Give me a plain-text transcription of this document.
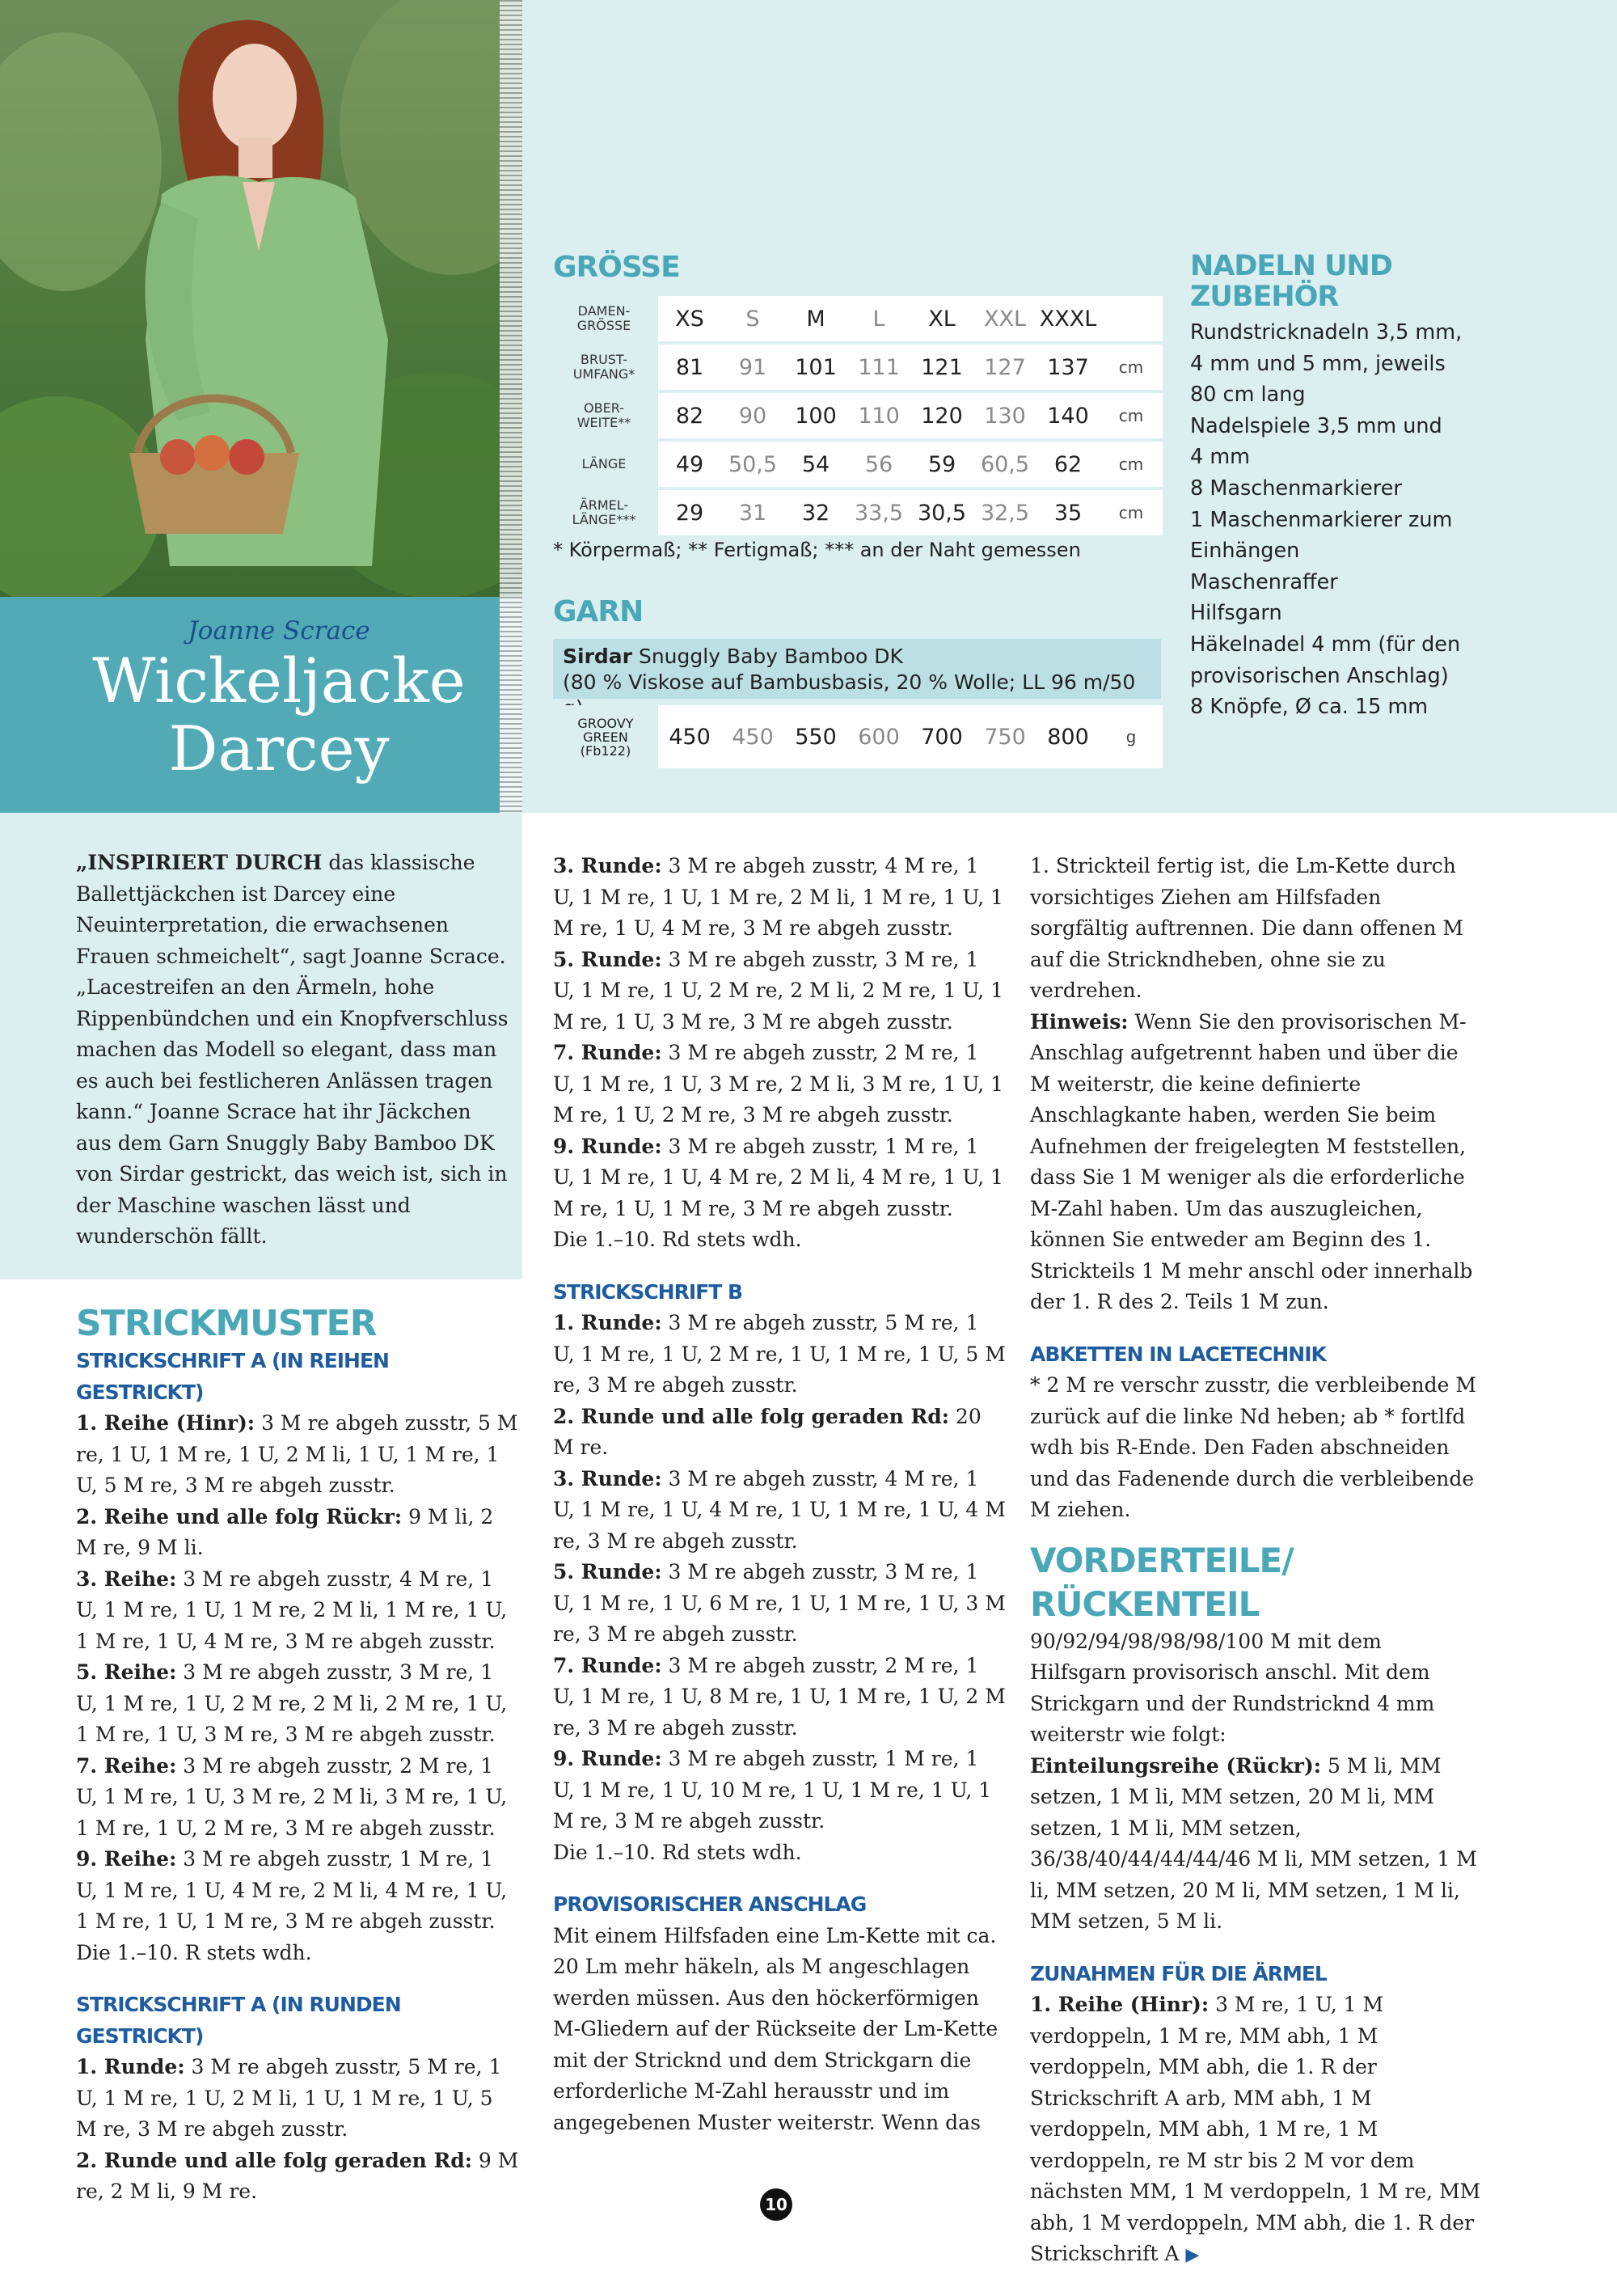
Joanne Scrace
Wickeljacke
Darcey
GRÖSSE
DAMEN-
GRÖSSE	XS	S	M	L	XL	XXL	XXXL	

BRUST-
UMFANG*	81	91	101	111	121	127	137	cm

OBER-
WEITE**	82	90	100	110	120	130	140	cm

LÄNGE	49	50,5	54	56	59	60,5	62	cm

ÄRMEL-
LÄNGE***	29	31	32	33,5	30,5	32,5	35	cm
* Körpermaß; ** Fertigmaß; *** an der Naht gemessen
GARN
Sirdar Snuggly Baby Bamboo DK
(80 % Viskose auf Bambusbasis, 20 % Wolle; LL 96 m/50
GROOVY
GREEN
(Fb122)
	450	450	550	600	700	750	800	g
NADELN UND
ZUBEHÖR
Rundstricknadeln 3,5 mm,
4 mm und 5 mm, jeweils
80 cm lang
Nadelspiele 3,5 mm und
4 mm
8 Maschenmarkierer
1 Maschenmarkierer zum
Einhängen
Maschenraffer
Hilfsgarn
Häkelnadel 4 mm (für den
provisorischen Anschlag)
8 Knöpfe, Ø ca. 15 mm

„INSPIRIERT DURCH das klassische Ballettjäckchen ist Darcey eine Neuinterpretation, die erwachsenen Frauen schmeichelt“, sagt Joanne Scrace. „Lacestreifen an den Ärmeln, hohe Rippenbündchen und ein Knopfverschluss machen das Modell so elegant, dass man es auch bei festlicheren Anlässen tragen kann.“ Joanne Scrace hat ihr Jäckchen aus dem Garn Snuggly Baby Bamboo DK von Sirdar gestrickt, das weich ist, sich in der Maschine waschen lässt und wunderschön fällt.

STRICKMUSTER
STRICKSCHRIFT A (IN REIHEN GESTRICKT)

1. Reihe (Hinr): 3 M re abgeh zusstr, 5 M re, 1 U, 1 M re, 1 U, 2 M li, 1 U, 1 M re, 1 U, 5 M re, 3 M re abgeh zusstr.

2. Reihe und alle folg Rückr: 9 M li, 2 M re, 9 M li.

3. Reihe: 3 M re abgeh zusstr, 4 M re, 1 U, 1 M re, 1 U, 1 M re, 2 M li, 1 M re, 1 U, 1 M re, 1 U, 4 M re, 3 M re abgeh zusstr.

5. Reihe: 3 M re abgeh zusstr, 3 M re, 1 U, 1 M re, 1 U, 2 M re, 2 M li, 2 M re, 1 U, 1 M re, 1 U, 3 M re, 3 M re abgeh zusstr.

7. Reihe: 3 M re abgeh zusstr, 2 M re, 1 U, 1 M re, 1 U, 3 M re, 2 M li, 3 M re, 1 U, 1 M re, 1 U, 2 M re, 3 M re abgeh zusstr.

9. Reihe: 3 M re abgeh zusstr, 1 M re, 1 U, 1 M re, 1 U, 4 M re, 2 M li, 4 M re, 1 U, 1 M re, 1 U, 1 M re, 3 M re abgeh zusstr.

Die 1.–10. R stets wdh.

STRICKSCHRIFT A (IN RUNDEN GESTRICKT)

1. Runde: 3 M re abgeh zusstr, 5 M re, 1 U, 1 M re, 1 U, 2 M li, 1 U, 1 M re, 1 U, 5 M re, 3 M re abgeh zusstr.

2. Runde und alle folg geraden Rd: 9 M re, 2 M li, 9 M re.

3. Runde: 3 M re abgeh zusstr, 4 M re, 1 U, 1 M re, 1 U, 1 M re, 2 M li, 1 M re, 1 U, 1 M re, 1 U, 4 M re, 3 M re abgeh zusstr.

5. Runde: 3 M re abgeh zusstr, 3 M re, 1 U, 1 M re, 1 U, 2 M re, 2 M li, 2 M re, 1 U, 1 M re, 1 U, 3 M re, 3 M re abgeh zusstr.

7. Runde: 3 M re abgeh zusstr, 2 M re, 1 U, 1 M re, 1 U, 3 M re, 2 M li, 3 M re, 1 U, 1 M re, 1 U, 2 M re, 3 M re abgeh zusstr.

9. Runde: 3 M re abgeh zusstr, 1 M re, 1 U, 1 M re, 1 U, 4 M re, 2 M li, 4 M re, 1 U, 1 M re, 1 U, 1 M re, 3 M re abgeh zusstr.

Die 1.–10. Rd stets wdh.

STRICKSCHRIFT B

1. Runde: 3 M re abgeh zusstr, 5 M re, 1 U, 1 M re, 1 U, 2 M re, 1 U, 1 M re, 1 U, 5 M re, 3 M re abgeh zusstr.

2. Runde und alle folg geraden Rd: 20 M re.

3. Runde: 3 M re abgeh zusstr, 4 M re, 1 U, 1 M re, 1 U, 4 M re, 1 U, 1 M re, 1 U, 4 M re, 3 M re abgeh zusstr.

5. Runde: 3 M re abgeh zusstr, 3 M re, 1 U, 1 M re, 1 U, 6 M re, 1 U, 1 M re, 1 U, 3 M re, 3 M re abgeh zusstr.

7. Runde: 3 M re abgeh zusstr, 2 M re, 1 U, 1 M re, 1 U, 8 M re, 1 U, 1 M re, 1 U, 2 M re, 3 M re abgeh zusstr.

9. Runde: 3 M re abgeh zusstr, 1 M re, 1 U, 1 M re, 1 U, 10 M re, 1 U, 1 M re, 1 U, 1 M re, 3 M re abgeh zusstr.

Die 1.–10. Rd stets wdh.

PROVISORISCHER ANSCHLAG

Mit einem Hilfsfaden eine Lm-Kette mit ca. 20 Lm mehr häkeln, als M angeschlagen werden müssen. Aus den höckerförmigen M-Gliedern auf der Rückseite der Lm-Kette mit der Stricknd und dem Strickgarn die erforderliche M-Zahl herausstr und im angegebenen Muster weiterstr. Wenn das

1. Strickteil fertig ist, die Lm-Kette durch vorsichtiges Ziehen am Hilfsfaden sorgfältig auftrennen. Die dann offenen M auf die Strickndheben, ohne sie zu verdrehen.

Hinweis: Wenn Sie den provisorischen M-Anschlag aufgetrennt haben und über die M weiterstr, die keine definierte Anschlagkante haben, werden Sie beim Aufnehmen der freigelegten M feststellen, dass Sie 1 M weniger als die erforderliche M-Zahl haben. Um das auszugleichen, können Sie entweder am Beginn des 1. Strickteils 1 M mehr anschl oder innerhalb der 1. R des 2. Teils 1 M zun.

ABKETTEN IN LACETECHNIK

* 2 M re verschr zusstr, die verbleibende M zurück auf die linke Nd heben; ab * fortlfd wdh bis R-Ende. Den Faden abschneiden und das Fadenende durch die verbleibende M ziehen.

VORDERTEILE/ RÜCKENTEIL

90/92/94/98/98/98/100 M mit dem Hilfsgarn provisorisch anschl. Mit dem Strickgarn und der Rundstricknd 4 mm weiterstr wie folgt:

Einteilungsreihe (Rückr): 5 M li, MM setzen, 1 M li, MM setzen, 20 M li, MM setzen, 1 M li, MM setzen, 36/38/40/44/44/44/46 M li, MM setzen, 1 M li, MM setzen, 20 M li, MM setzen, 1 M li, MM setzen, 5 M li.

ZUNAHMEN FÜR DIE ÄRMEL

1. Reihe (Hinr): 3 M re, 1 U, 1 M verdoppeln, 1 M re, MM abh, 1 M verdoppeln, MM abh, die 1. R der Strickschrift A arb, MM abh, 1 M verdoppeln, MM abh, 1 M re, 1 M verdoppeln, re M str bis 2 M vor dem nächsten MM, 1 M verdoppeln, 1 M re, MM abh, 1 M verdoppeln, MM abh, die 1. R der Strickschrift A ▶

10
